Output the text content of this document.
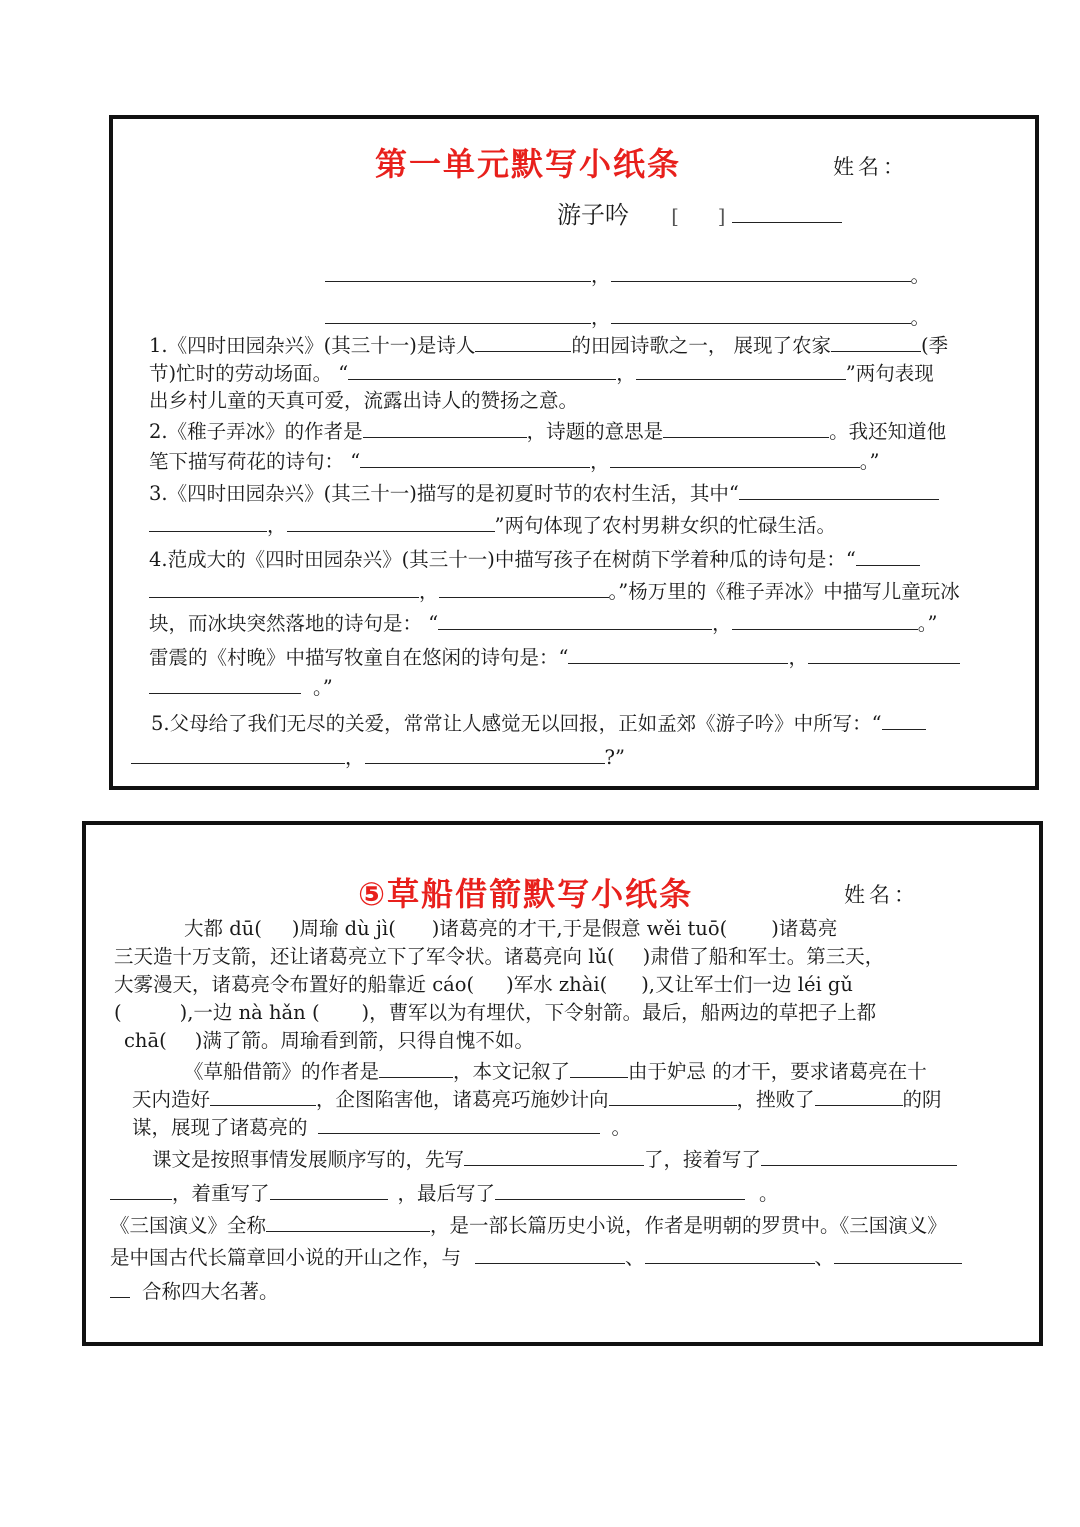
第一单元默写小纸条	姓名：
游子吟 [　　]
，	。
，	。
1.《四时田园杂兴》(其三十一)是诗人	的田园诗歌之一， 展现了农家	(季
节)忙时的劳动场面。 “	，	”两句表现
出乡村儿童的天真可爱，流露出诗人的赞扬之意。
2.《稚子弄冰》的作者是	，诗题的意思是	。我还知道他
笔下描写荷花的诗句： “	，	。”
3.《四时田园杂兴》(其三十一)描写的是初夏时节的农村生活，其中“
，	”两句体现了农村男耕女织的忙碌生活。
4.范成大的《四时田园杂兴》(其三十一)中描写孩子在树荫下学着种瓜的诗句是：“
，	。”杨万里的《稚子弄冰》中描写儿童玩冰
块，而冰块突然落地的诗句是： “	，	。”
雷震的《村晚》中描写牧童自在悠闲的诗句是：“	，
。”
5.父母给了我们无尽的关爱，常常让人感觉无以回报，正如孟郊《游子吟》中所写：“
，	?”
⑤草船借箭默写小纸条	姓名：
大都 dū( )周瑜 dù jì( )诸葛亮的才干,于是假意 wěi tuō( )诸葛亮
三天造十万支箭，还让诸葛亮立下了军令状。诸葛亮向 lǔ( )肃借了船和军士。第三天，
大雾漫天，诸葛亮令布置好的船靠近 cáo( )军水 zhài( ),又让军士们一边 léi gǔ
(	),一边 nà hǎn ( )，曹军以为有埋伏，下令射箭。最后，船两边的草把子上都
chā( )满了箭。周瑜看到箭，只得自愧不如。
《草船借箭》的作者是	，本文记叙了	由于妒忌 的才干，要求诸葛亮在十
天内造好	，企图陷害他，诸葛亮巧施妙计向	，挫败了	的阴
谋，展现了诸葛亮的	。
课文是按照事情发展顺序写的，先写	了，接着写了
，着重写了	，最后写了	。
《三国演义》全称	，是一部长篇历史小说，作者是明朝的罗贯中。《三国演义》
是中国古代长篇章回小说的开山之作，与	、	、
合称四大名著。
